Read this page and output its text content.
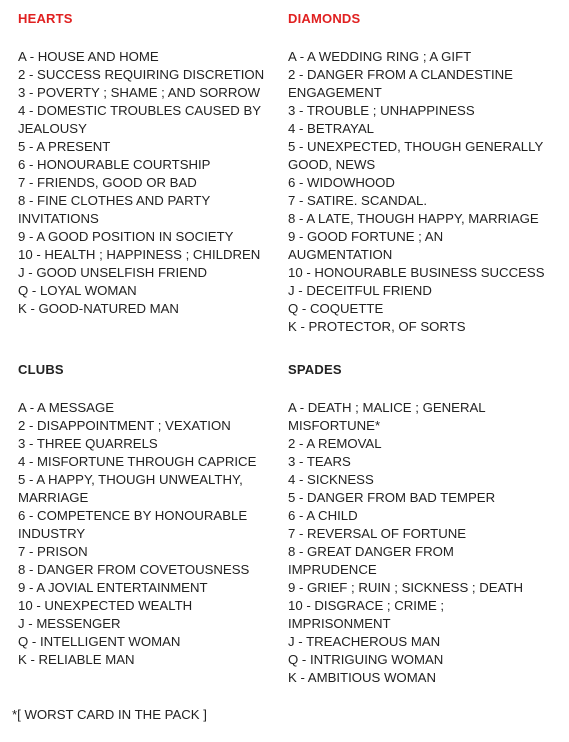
HEARTS
A - HOUSE AND HOME
2 - SUCCESS REQUIRING DISCRETION
3 - POVERTY ; SHAME ; AND SORROW
4 - DOMESTIC TROUBLES CAUSED BY JEALOUSY
5 - A PRESENT
6 - HONOURABLE COURTSHIP
7 - FRIENDS, GOOD OR BAD
8 - FINE CLOTHES AND PARTY INVITATIONS
9 - A GOOD POSITION IN SOCIETY
10 - HEALTH ; HAPPINESS ; CHILDREN
J - GOOD UNSELFISH FRIEND
Q - LOYAL WOMAN
K - GOOD-NATURED MAN
DIAMONDS
A - A WEDDING RING ; A GIFT
2 - DANGER FROM A CLANDESTINE ENGAGEMENT
3 - TROUBLE ; UNHAPPINESS
4 - BETRAYAL
5 - UNEXPECTED, THOUGH GENERALLY GOOD, NEWS
6 - WIDOWHOOD
7 - SATIRE. SCANDAL.
8 - A LATE, THOUGH HAPPY, MARRIAGE
9 - GOOD FORTUNE ; AN AUGMENTATION
10 - HONOURABLE BUSINESS SUCCESS
J - DECEITFUL FRIEND
Q - COQUETTE
K - PROTECTOR, OF SORTS
CLUBS
A - A MESSAGE
2 - DISAPPOINTMENT ; VEXATION
3 - THREE QUARRELS
4 - MISFORTUNE THROUGH CAPRICE
5 - A HAPPY, THOUGH UNWEALTHY, MARRIAGE
6 - COMPETENCE BY HONOURABLE INDUSTRY
7 - PRISON
8 - DANGER FROM COVETOUSNESS
9 - A JOVIAL ENTERTAINMENT
10 - UNEXPECTED WEALTH
J - MESSENGER
Q - INTELLIGENT WOMAN
K - RELIABLE MAN
SPADES
A - DEATH ; MALICE ; GENERAL MISFORTUNE*
2 - A REMOVAL
3 - TEARS
4 - SICKNESS
5 - DANGER FROM BAD TEMPER
6 - A CHILD
7 - REVERSAL OF FORTUNE
8 - GREAT DANGER FROM IMPRUDENCE
9 - GRIEF ; RUIN ; SICKNESS ; DEATH
10 - DISGRACE ; CRIME ; IMPRISONMENT
J - TREACHEROUS MAN
Q - INTRIGUING WOMAN
K - AMBITIOUS WOMAN
*[ WORST CARD IN THE PACK ]
